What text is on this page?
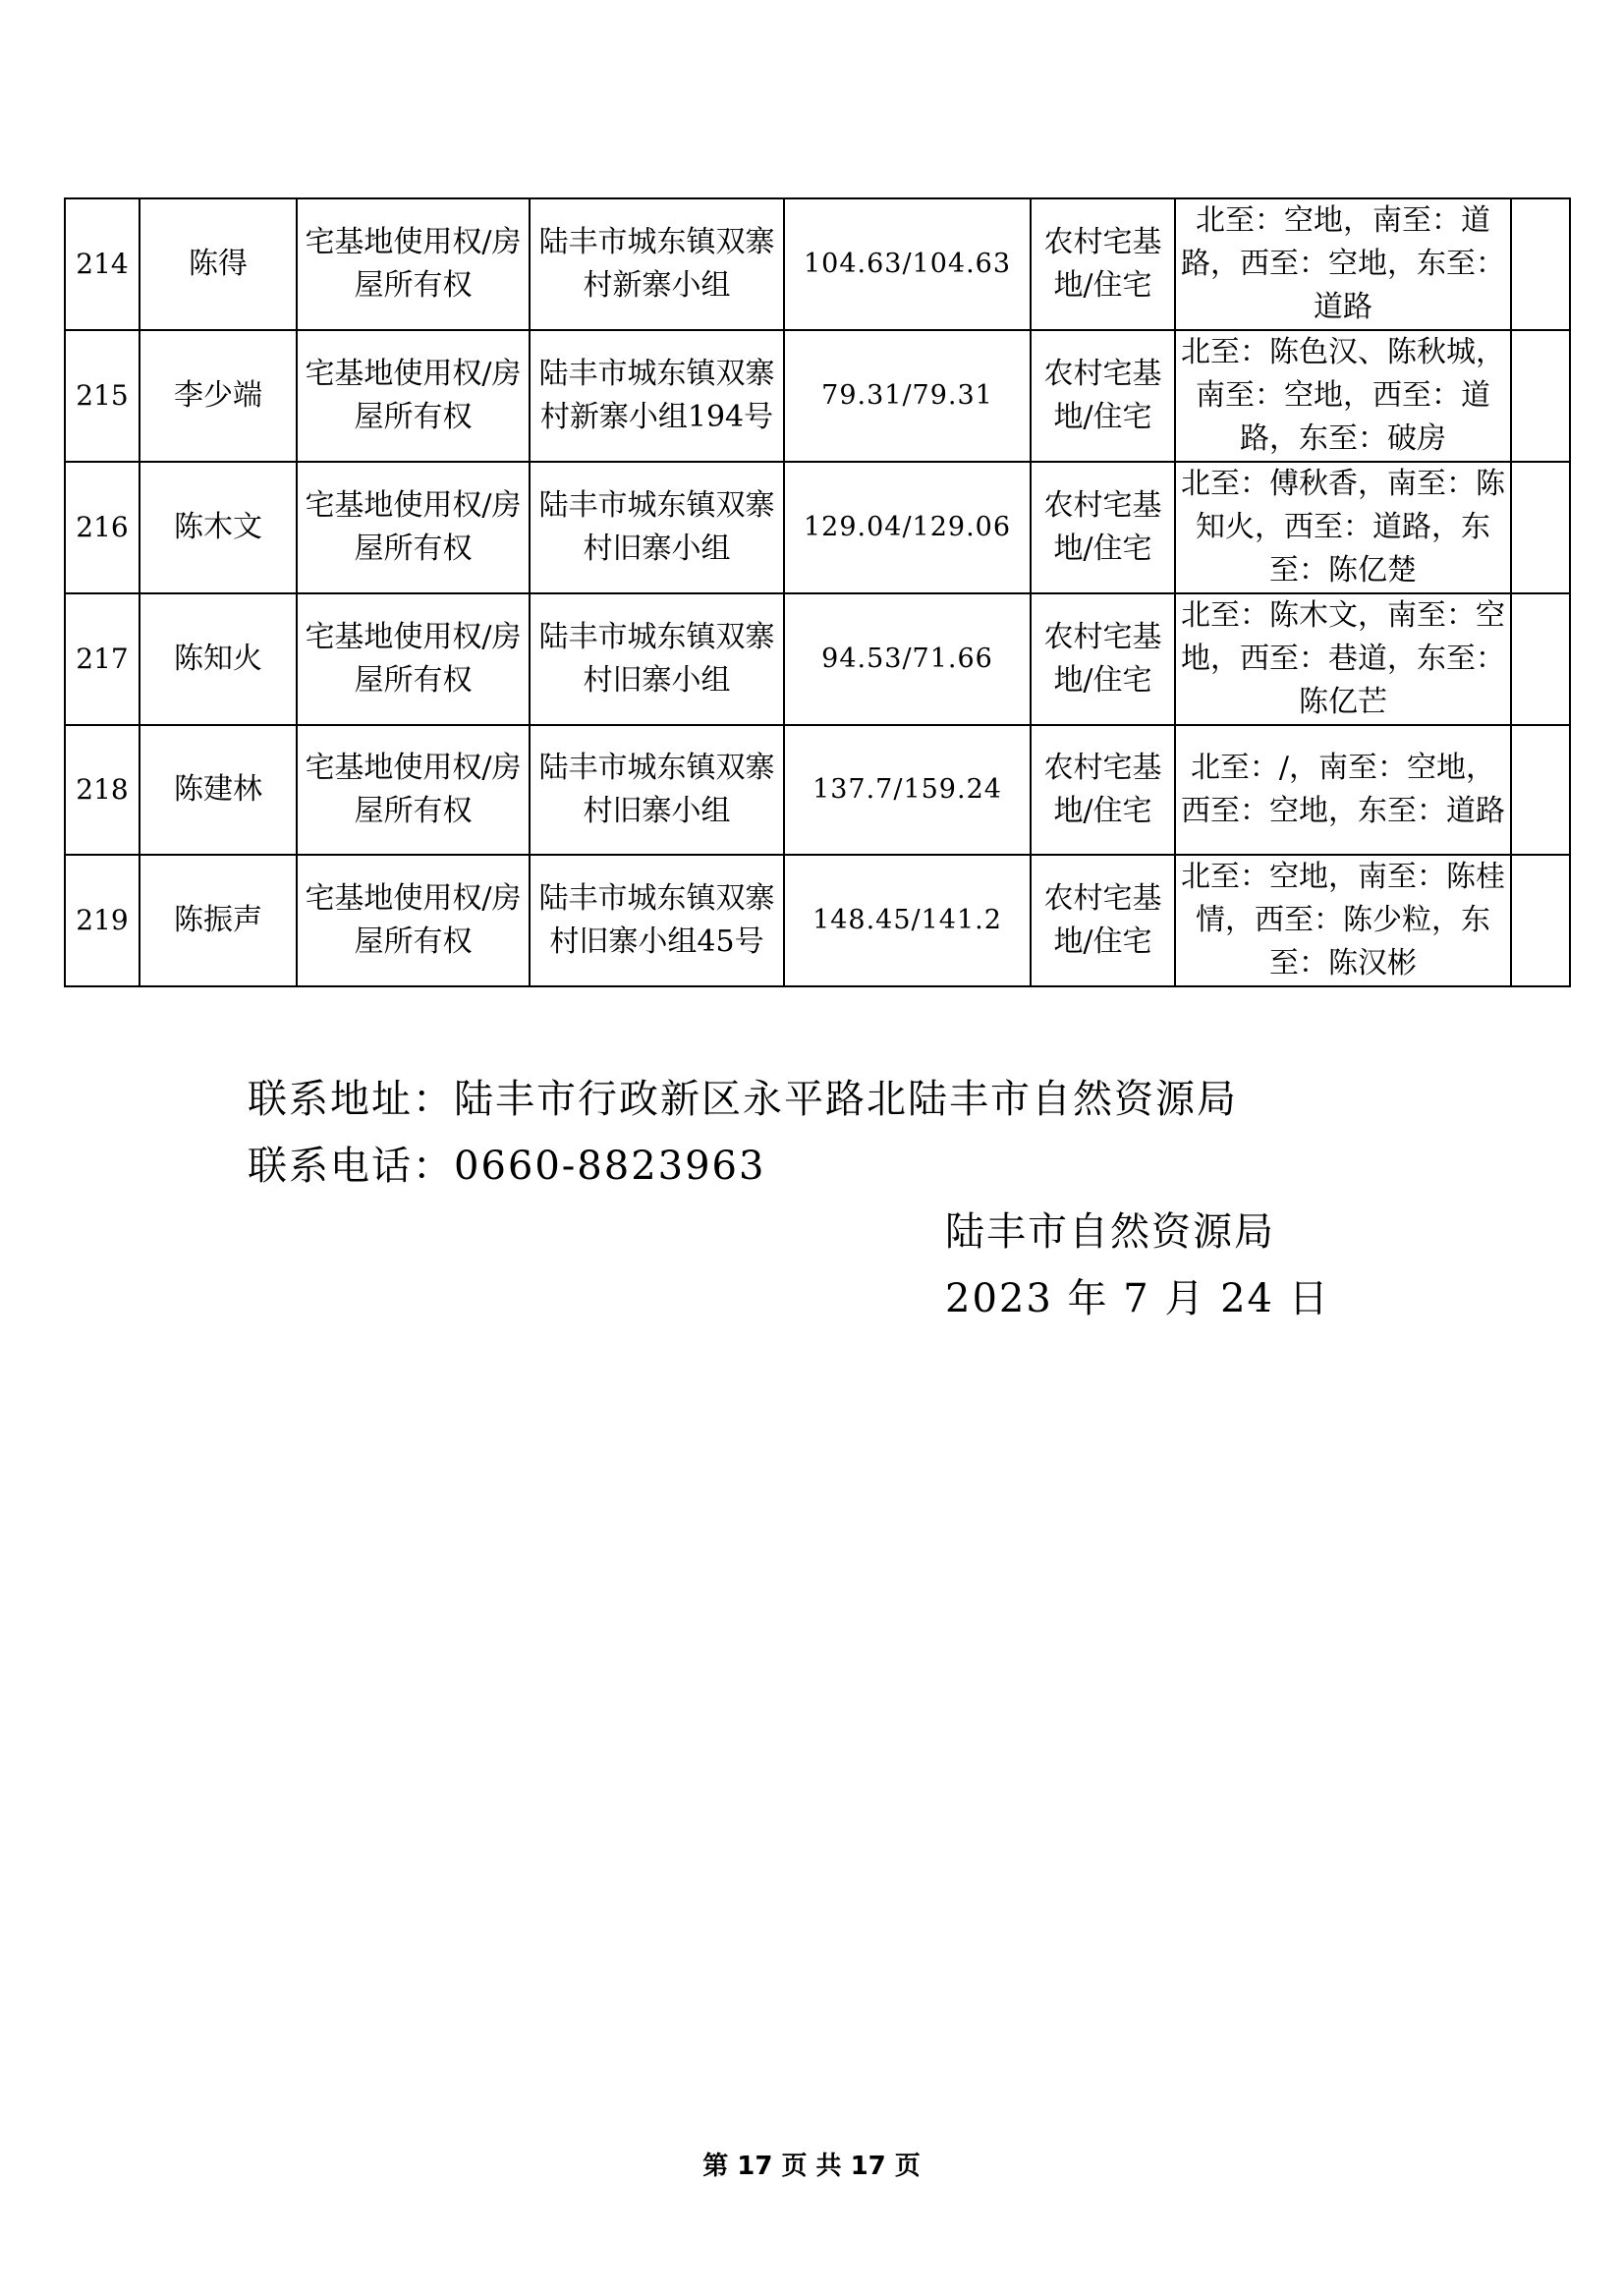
214	陈得	宅基地使用权/房屋所有权	陆丰市城东镇双寨村新寨小组	104.63/104.63	农村宅基地/住宅	北至：空地，南至：道路，西至：空地，东至：道路	
215	李少端	宅基地使用权/房屋所有权	陆丰市城东镇双寨村新寨小组194号	79.31/79.31	农村宅基地/住宅	北至：陈色汉、陈秋城，南至：空地，西至：道路，东至：破房	
216	陈木文	宅基地使用权/房屋所有权	陆丰市城东镇双寨村旧寨小组	129.04/129.06	农村宅基地/住宅	北至：傅秋香，南至：陈知火，西至：道路，东至：陈亿楚	
217	陈知火	宅基地使用权/房屋所有权	陆丰市城东镇双寨村旧寨小组	94.53/71.66	农村宅基地/住宅	北至：陈木文，南至：空地，西至：巷道，东至：陈亿芒	
218	陈建林	宅基地使用权/房屋所有权	陆丰市城东镇双寨村旧寨小组	137.7/159.24	农村宅基地/住宅	北至：/，南至：空地，西至：空地，东至：道路	
219	陈振声	宅基地使用权/房屋所有权	陆丰市城东镇双寨村旧寨小组45号	148.45/141.2	农村宅基地/住宅	北至：空地，南至：陈桂情，西至：陈少粒，东至：陈汉彬	
联系地址：陆丰市行政新区永平路北陆丰市自然资源局
联系电话：0660-8823963
陆丰市自然资源局
2023 年 7 月 24 日
第 17 页 共 17 页
